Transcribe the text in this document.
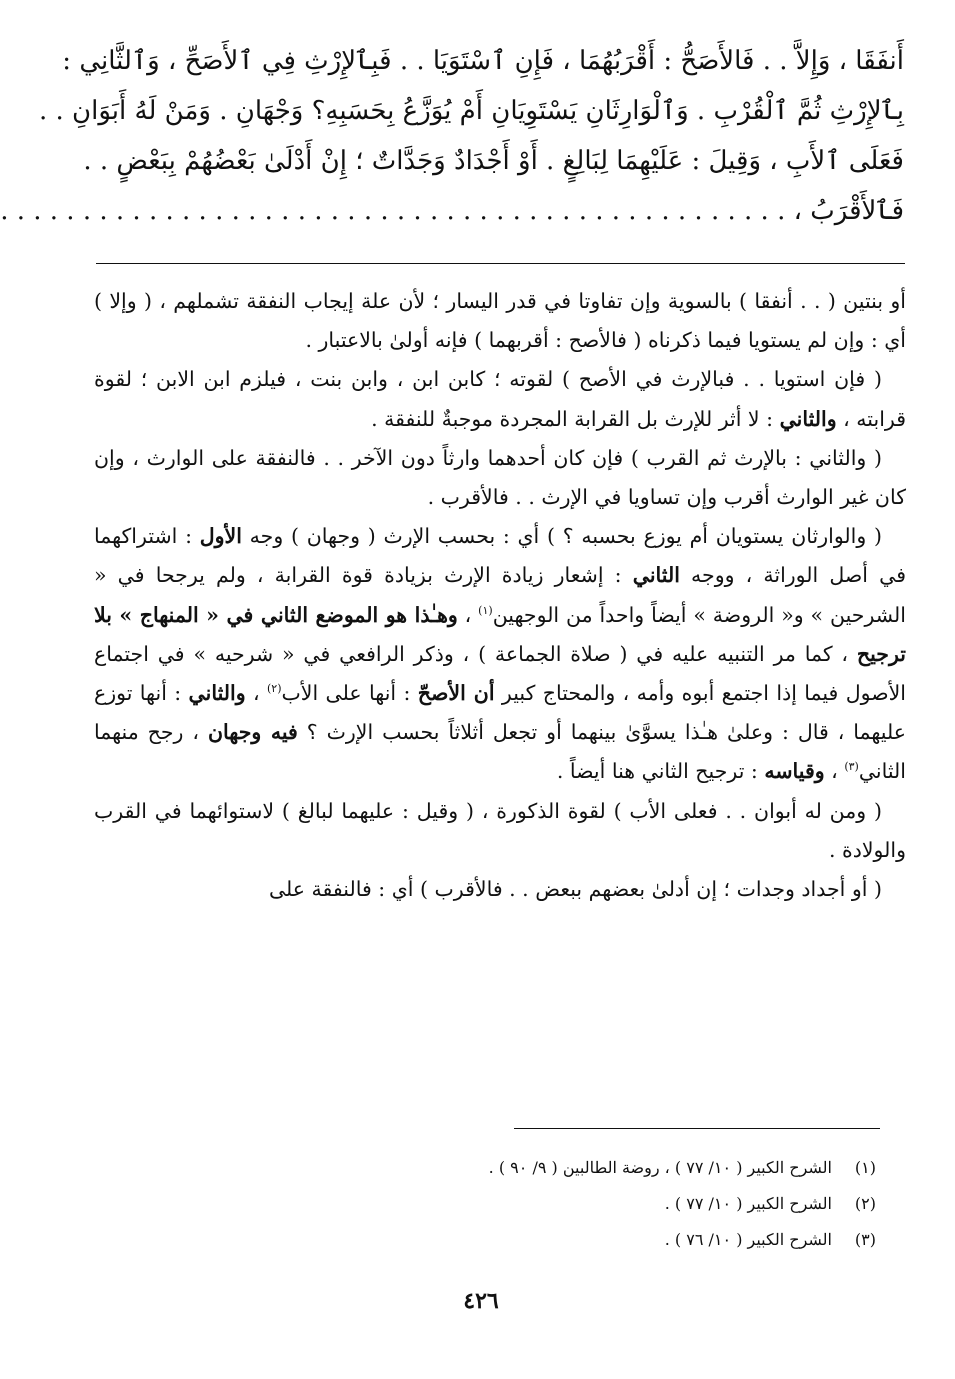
أَنفَقَا ، وَإِلاَّ . . فَالأَصَحُّ : أَقْرَبُهُمَا ، فَإِنِ ٱسْتَوَيَا . . فَبِٱلإِرْثِ فِي ٱلأَصَحِّ ، وَٱلثَّانِي :
بِٱلإِرْثِ ثُمَّ ٱلْقُرْبِ . وَٱلْوَارِثَانِ يَسْتَوِيَانِ أَمْ يُوَزَّعُ بِحَسَبِهِ؟ وَجْهَانِ . وَمَنْ لَهُ أَبَوَانِ . .
فَعَلَى ٱلأَبِ ، وَقِيلَ : عَلَيْهِمَا لِبَالِغٍ . أَوْ أَجْدَادٌ وَجَدَّاتٌ ؛ إِنْ أَدْلَىٰ بَعْضُهُمْ بِبَعْضٍ . .
فَٱلأَقْرَبُ ، . . . . . . . . . . . . . . . . . . . . . . . . . . . . . . . . . . . . . . . . . . . . . . . .

أو بنتين ( . . أنفقا ) بالسوية وإن تفاوتا في قدر اليسار ؛ لأن علة إيجاب النفقة تشملهم ، ( وإلا ) أي : وإن لم يستويا فيما ذكرناه ( فالأصح : أقربهما ) فإنه أولىٰ بالاعتبار .

( فإن استويا . . فبالإرث في الأصح ) لقوته ؛ كابن ابن ، وابن بنت ، فيلزم ابن الابن ؛ لقوة قرابته ، والثاني : لا أثر للإرث بل القرابة المجردة موجبةٌ للنفقة .

( والثاني : بالإرث ثم القرب ) فإن كان أحدهما وارثاً دون الآخر . . فالنفقة على الوارث ، وإن كان غير الوارث أقرب وإن تساويا في الإرث . . فالأقرب .

( والوارثان يستويان أم يوزع بحسبه ؟ ) أي : بحسب الإرث ( وجهان ) وجه الأول : اشتراكهما في أصل الوراثة ، ووجه الثاني : إشعار زيادة الإرث بزيادة قوة القرابة ، ولم يرجحا في « الشرحين » و« الروضة » أيضاً واحداً من الوجهين$^{(١)}$ ، وهـٰذا هو الموضع الثاني في « المنهاج » بلا ترجيح ، كما مر التنبيه عليه في ( صلاة الجماعة ) ، وذكر الرافعي في « شرحيه » في اجتماع الأصول فيما إذا اجتمع أبوه وأمه ، والمحتاج كبير أن الأصحّ : أنها على الأب$^{(٢)}$ ، والثاني : أنها توزع عليهما ، قال : وعلىٰ هـٰذا يسوَّىٰ بينهما أو تجعل أثلاثاً بحسب الإرث ؟ فيه وجهان ، رجح منهما الثاني$^{(٣)}$ ، وقياسه : ترجيح الثاني هنا أيضاً .

( ومن له أبوان . . فعلى الأب ) لقوة الذكورة ، ( وقيل : عليهما لبالغ ) لاستوائهما في القرب والولادة .

( أو أجداد وجدات ؛ إن أدلىٰ بعضهم ببعض . . فالأقرب ) أي : فالنفقة على

(١)
الشرح الكبير ( ١٠/ ٧٧ ) ، روضة الطالبين ( ٩/ ٩٠ ) .
(٢)
الشرح الكبير ( ١٠/ ٧٧ ) .
(٣)
الشرح الكبير ( ١٠/ ٧٦ ) .
٤٢٦
